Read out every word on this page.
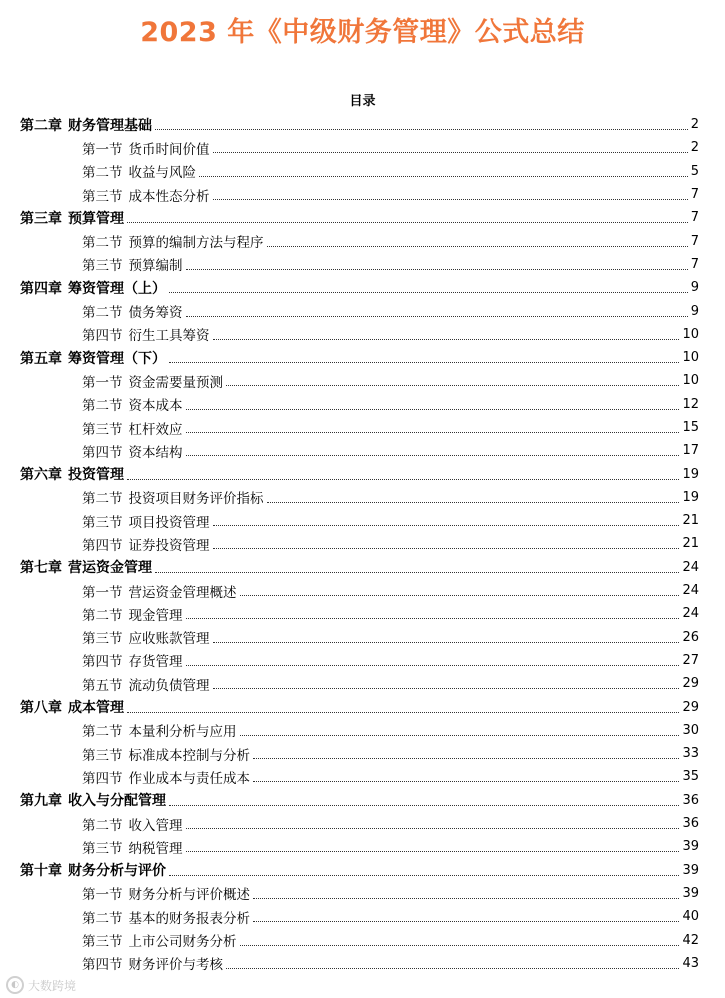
2023 年《中级财务管理》公式总结
目录
第二章 财务管理基础	2
第一节 货币时间价值	2
第二节 收益与风险	5
第三节 成本性态分析	7
第三章 预算管理	7
第二节 预算的编制方法与程序	7
第三节 预算编制	7
第四章 筹资管理（上）	9
第二节 债务筹资	9
第四节 衍生工具筹资	10
第五章 筹资管理（下）	10
第一节 资金需要量预测	10
第二节 资本成本	12
第三节 杠杆效应	15
第四节 资本结构	17
第六章 投资管理	19
第二节 投资项目财务评价指标	19
第三节 项目投资管理	21
第四节 证券投资管理	21
第七章 营运资金管理	24
第一节 营运资金管理概述	24
第二节 现金管理	24
第三节 应收账款管理	26
第四节 存货管理	27
第五节 流动负债管理	29
第八章 成本管理	29
第二节 本量利分析与应用	30
第三节 标准成本控制与分析	33
第四节 作业成本与责任成本	35
第九章 收入与分配管理	36
第二节 收入管理	36
第三节 纳税管理	39
第十章 财务分析与评价	39
第一节 财务分析与评价概述	39
第二节 基本的财务报表分析	40
第三节 上市公司财务分析	42
第四节 财务评价与考核	43
◐ 大数跨境
